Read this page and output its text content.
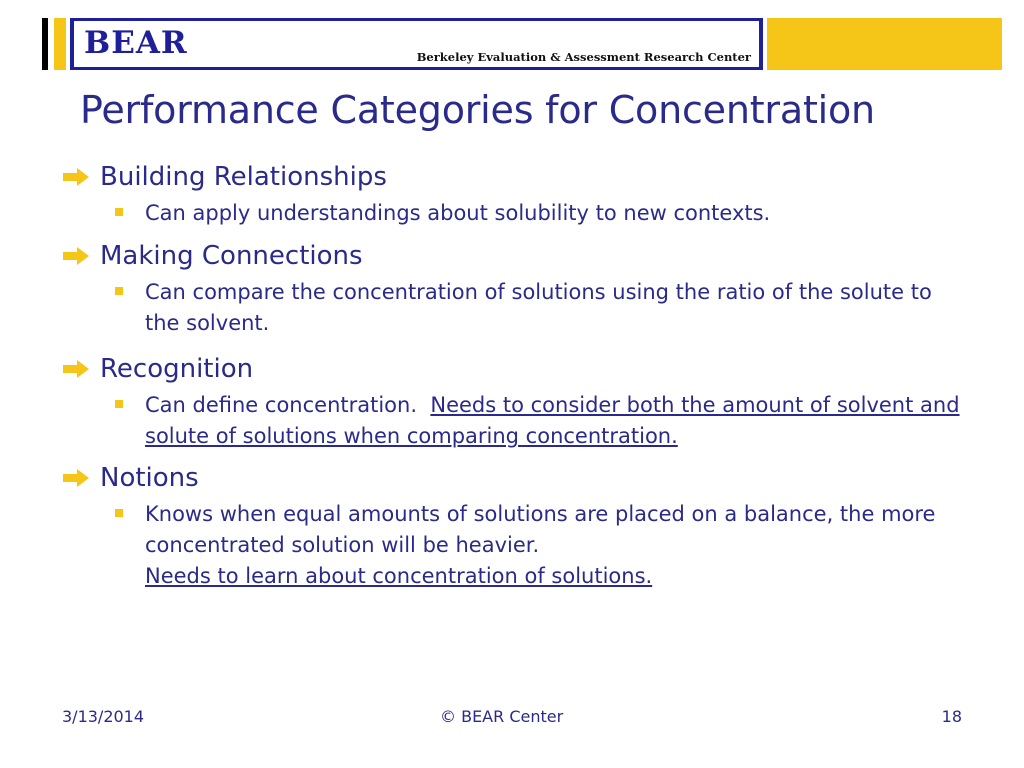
BEAR	Berkeley Evaluation & Assessment Research Center
Performance Categories for Concentration
Building Relationships
Can apply understandings about solubility to new contexts.
Making Connections
Can compare the concentration of solutions using the ratio of the solute to the solvent.
Recognition
Can define concentration. Needs to consider both the amount of solvent and solute of solutions when comparing concentration.
Notions
Knows when equal amounts of solutions are placed on a balance, the more concentrated solution will be heavier.
Needs to learn about concentration of solutions.
3/13/2014	© BEAR Center	18
